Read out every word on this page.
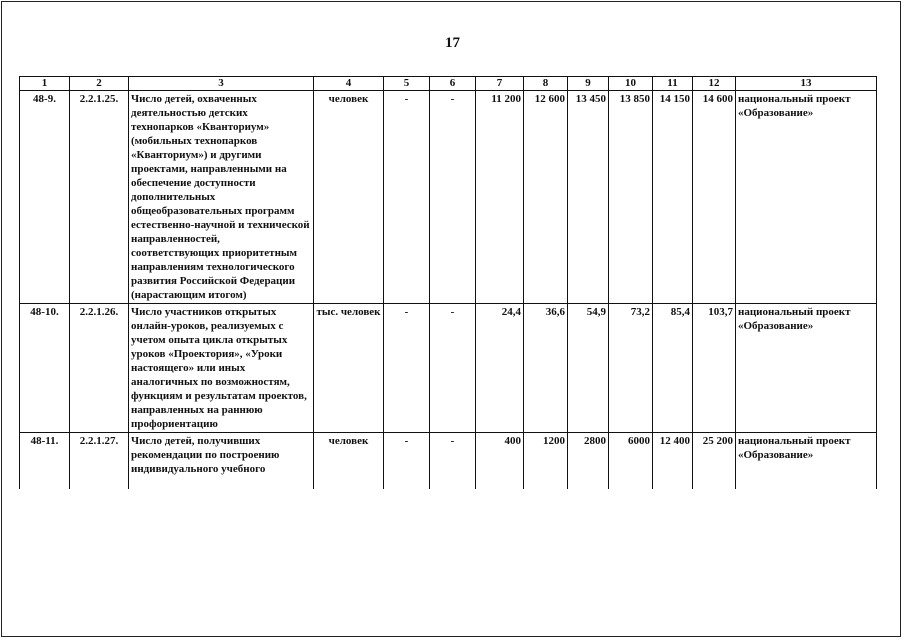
17
1	2	3	4	5	6	7	8	9	10	11	12	13
48-9.	2.2.1.25.	Число детей, охваченных деятельностью детских технопарков «Кванториум» (мобильных технопарков «Кванториум») и другими проектами, направленными на обеспечение доступности дополнительных общеобразовательных программ естественно-научной и технической направленностей, соответствующих приоритетным направлениям технологического развития Российской Федерации (нарастающим итогом)	человек	-	-	11 200	12 600	13 450	13 850	14 150	14 600	национальный проект «Образование»
48-10.	2.2.1.26.	Число участников открытых онлайн-уроков, реализуемых с учетом опыта цикла открытых уроков «Проектория», «Уроки настоящего» или иных аналогичных по возможностям, функциям и результатам проектов, направленных на раннюю профориентацию	тыс. человек	-	-	24,4	36,6	54,9	73,2	85,4	103,7	национальный проект «Образование»
48-11.	2.2.1.27.	Число детей, получивших рекомендации по построению индивидуального учебного	человек	-	-	400	1200	2800	6000	12 400	25 200	национальный проект «Образование»
